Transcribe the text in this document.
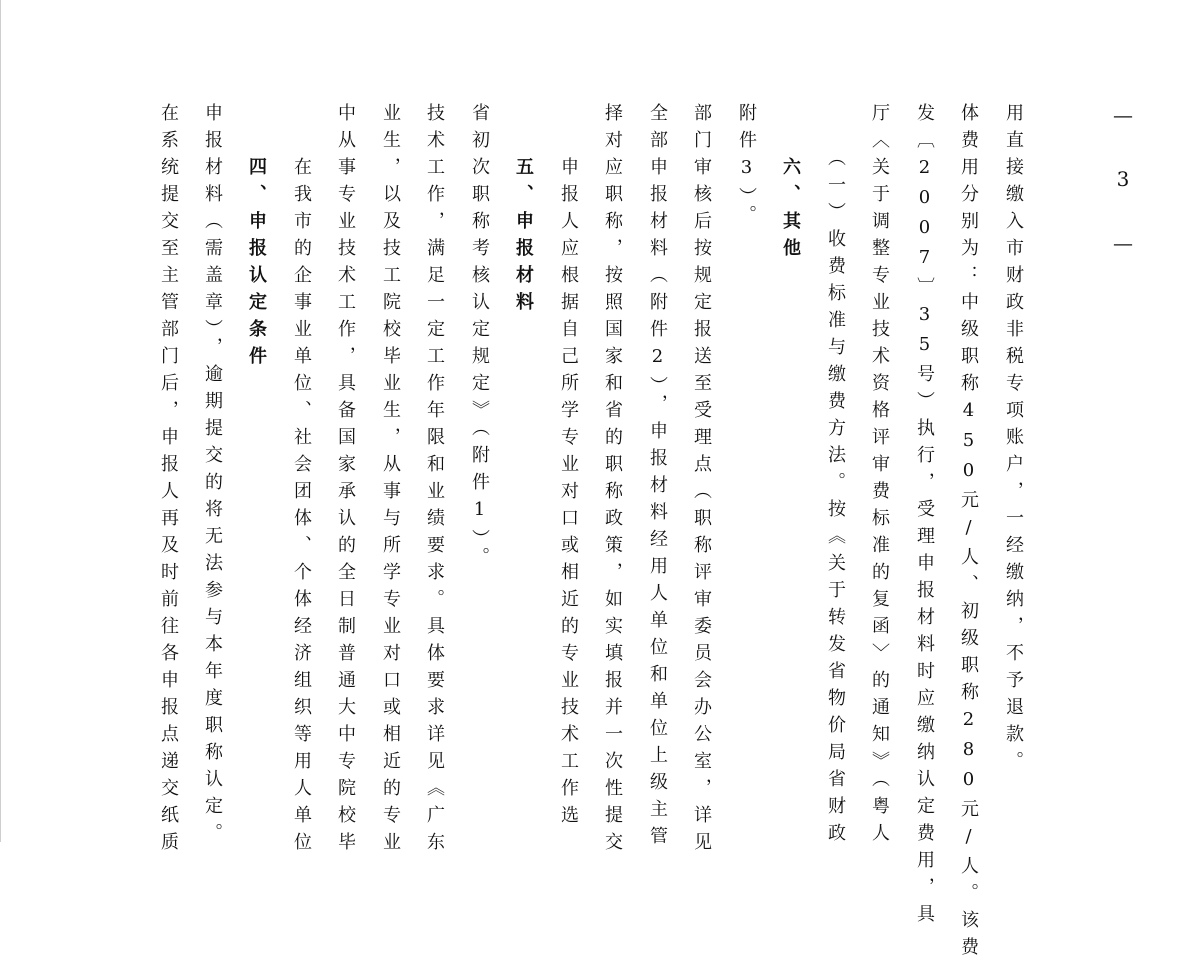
在系统提交至主管部门后，申报人再及时前往各申报点递交纸质 申报材料（需盖章），逾期提交的将无法参与本年度职称认定。 　　四、申报认定条件 　　在我市的企事业单位、社会团体、个体经济组织等用人单位 中从事专业技术工作，具备国家承认的全日制普通大中专院校毕 业生，以及技工院校毕业生，从事与所学专业对口或相近的专业 技术工作，满足一定工作年限和业绩要求。具体要求详见《广东 省初次职称考核认定规定》（附件1）。 　　五、申报材料 　　申报人应根据自己所学专业对口或相近的专业技术工作选 择对应职称，按照国家和省的职称政策，如实填报并一次性提交 全部申报材料（附件2），申报材料经用人单位和单位上级主管 部门审核后按规定报送至受理点（职称评审委员会办公室，详见 附件3）。 　　六、其他 　　（一）收费标准与缴费方法。按《关于转发省物价局省财政 厅〈关于调整专业技术资格评审费标准的复函〉的通知》（粤人 发〔2007〕35号）执行，受理申报材料时应缴纳认定费用，具 体费用分别为：中级职称450元/人、初级职称280元/人。该费 用直接缴入市财政非税专项账户，一经缴纳，不予退款。	— 3 —
